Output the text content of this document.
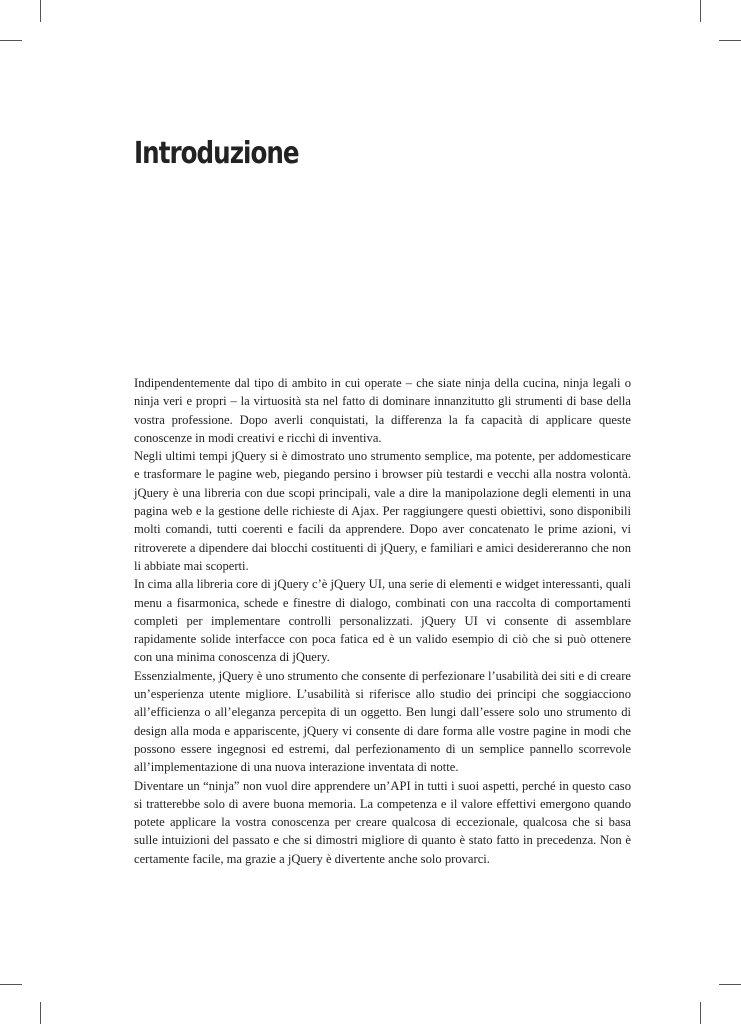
Introduzione

Indipendentemente dal tipo di ambito in cui operate – che siate ninja della cucina, ninja legali o ninja veri e propri – la virtuosità sta nel fatto di dominare innanzitutto gli strumenti di base della vostra professione. Dopo averli conquistati, la differenza la fa capacità di applicare queste conoscenze in modi creativi e ricchi di inventiva.

Negli ultimi tempi jQuery si è dimostrato uno strumento semplice, ma potente, per addomesticare e trasformare le pagine web, piegando persino i browser più testardi e vecchi alla nostra volontà. jQuery è una libreria con due scopi principali, vale a dire la manipolazione degli elementi in una pagina web e la gestione delle richieste di Ajax. Per raggiungere questi obiettivi, sono disponibili molti comandi, tutti coerenti e facili da apprendere. Dopo aver concatenato le prime azioni, vi ritroverete a dipendere dai blocchi costituenti di jQuery, e familiari e amici desidereranno che non li abbiate mai scoperti.

In cima alla libreria core di jQuery c’è jQuery UI, una serie di elementi e widget interessanti, quali menu a fisarmonica, schede e finestre di dialogo, combinati con una raccolta di comportamenti completi per implementare controlli personalizzati. jQuery UI vi consente di assemblare rapidamente solide interfacce con poca fatica ed è un valido esempio di ciò che si può ottenere con una minima conoscenza di jQuery.

Essenzialmente, jQuery è uno strumento che consente di perfezionare l’usabilità dei siti e di creare un’esperienza utente migliore. L’usabilità si riferisce allo studio dei principi che soggiacciono all’efficienza o all’eleganza percepita di un oggetto. Ben lungi dall’essere solo uno strumento di design alla moda e appariscente, jQuery vi consente di dare forma alle vostre pagine in modi che possono essere ingegnosi ed estremi, dal perfezionamento di un semplice pannello scorrevole all’implementazione di una nuova interazione inventata di notte.

Diventare un “ninja” non vuol dire apprendere un’API in tutti i suoi aspetti, perché in questo caso si tratterebbe solo di avere buona memoria. La competenza e il valore effettivi emergono quando potete applicare la vostra conoscenza per creare qualcosa di eccezionale, qualcosa che si basa sulle intuizioni del passato e che si dimostri migliore di quanto è stato fatto in precedenza. Non è certamente facile, ma grazie a jQuery è divertente anche solo provarci.
